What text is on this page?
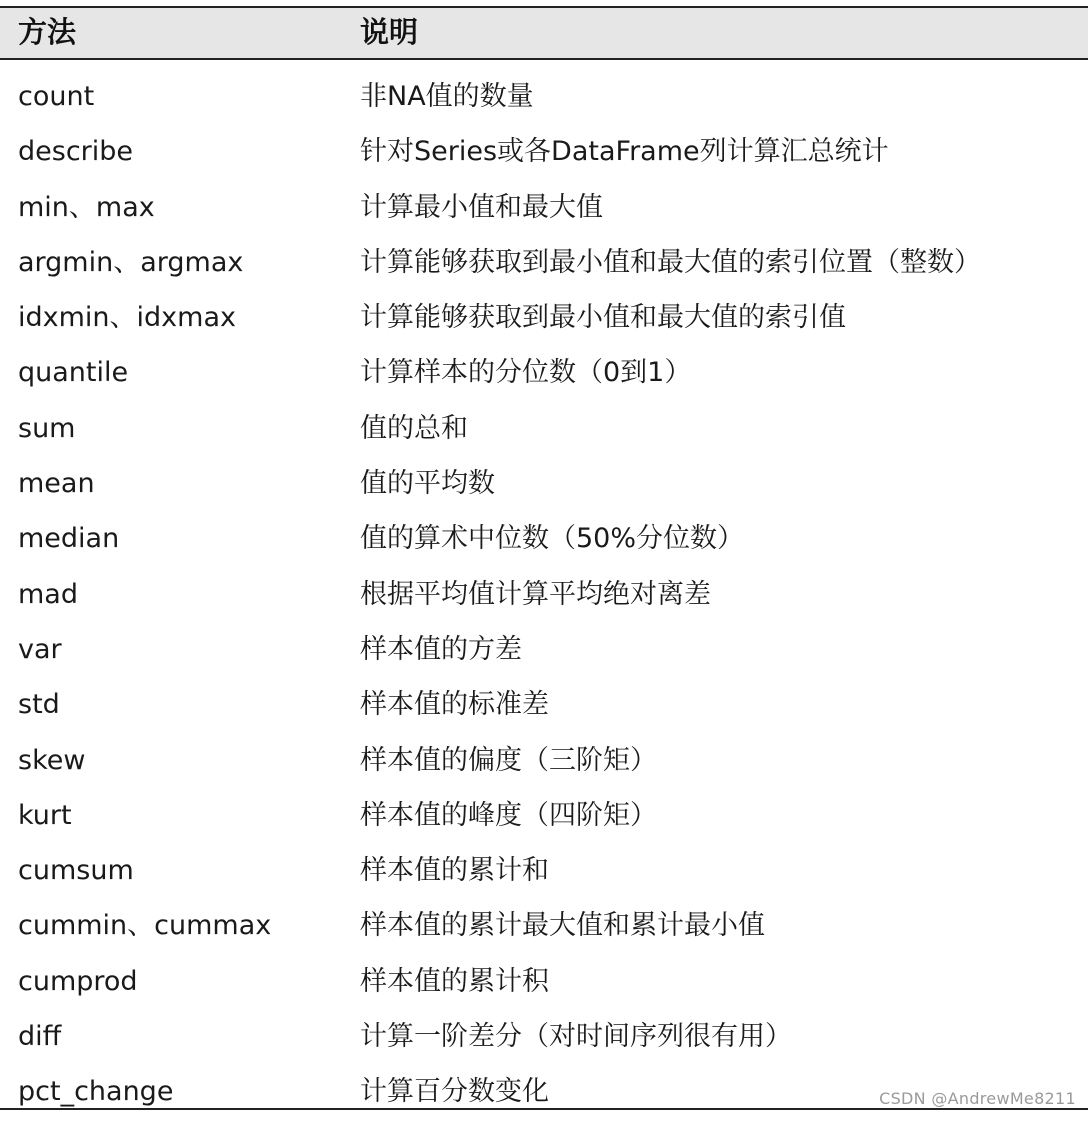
方法	说明
count	非NA值的数量
describe	针对Series或各DataFrame列计算汇总统计
min、max	计算最小值和最大值
argmin、argmax	计算能够获取到最小值和最大值的索引位置（整数）
idxmin、idxmax	计算能够获取到最小值和最大值的索引值
quantile	计算样本的分位数（0到1）
sum	值的总和
mean	值的平均数
median	值的算术中位数（50%分位数）
mad	根据平均值计算平均绝对离差
var	样本值的方差
std	样本值的标准差
skew	样本值的偏度（三阶矩）
kurt	样本值的峰度（四阶矩）
cumsum	样本值的累计和
cummin、cummax	样本值的累计最大值和累计最小值
cumprod	样本值的累计积
diff	计算一阶差分（对时间序列很有用）
pct_change	计算百分数变化	CSDN @AndrewMe8211
